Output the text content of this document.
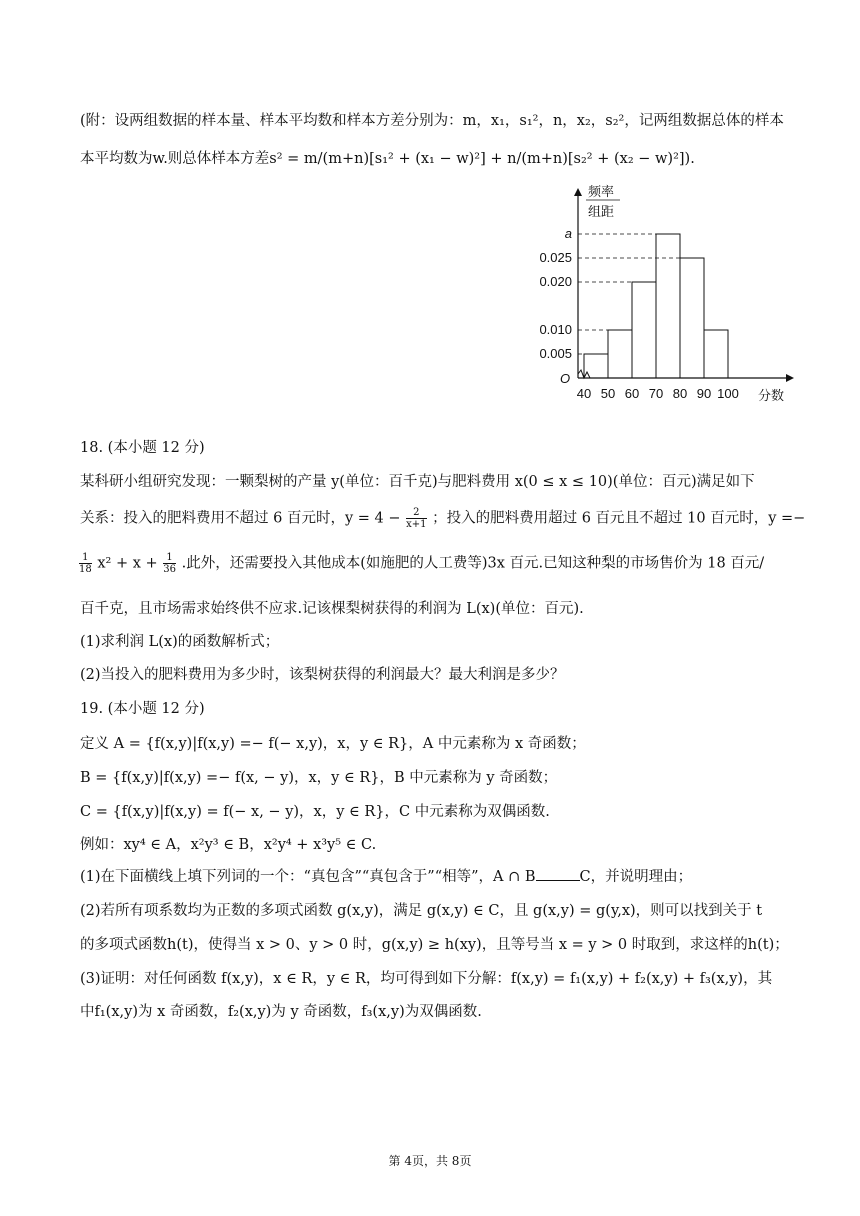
(附：设两组数据的样本量、样本平均数和样本方差分别为：m，x₁，s₁²，n，x₂，s₂²，记两组数据总体的样本
本平均数为w.则总体样本方差s² = m/(m+n)[s₁² + (x₁ − w)²] + n/(m+n)[s₂² + (x₂ − w)²]).
O
频率
组距
0.005
0.010
0.020
0.025
a
40 50 60 70 80 90 100 分数
18. (本小题 12 分)
某科研小组研究发现：一颗梨树的产量 y(单位：百千克)与肥料费用 x(0 ≤ x ≤ 10)(单位：百元)满足如下
关系：投入的肥料费用不超过 6 百元时，$y = 4 - \frac{2}{x+1}$ ；投入的肥料费用超过 6 百元且不超过 10 百元时，y =−
$\frac{1}{18} x^2 + x + \frac{1}{36}$ .此外，还需要投入其他成本(如施肥的人工费等)3x 百元.已知这种梨的市场售价为 18 百元/
百千克，且市场需求始终供不应求.记该棵梨树获得的利润为 L(x)(单位：百元).
(1)求利润 L(x)的函数解析式；
(2)当投入的肥料费用为多少时，该梨树获得的利润最大？最大利润是多少？
19. (本小题 12 分)
定义 A = {f(x,y)|f(x,y) =− f(− x,y)，x，y ∈ R}，A 中元素称为 x 奇函数；
B = {f(x,y)|f(x,y) =− f(x, − y)，x，y ∈ R}，B 中元素称为 y 奇函数；
C = {f(x,y)|f(x,y) = f(− x, − y)，x，y ∈ R}，C 中元素称为双偶函数.
例如：xy⁴ ∈ A，x²y³ ∈ B，x²y⁴ + x³y⁵ ∈ C.
(1)在下面横线上填下列词的一个：“真包含”“真包含于”“相等”，A ∩ B	C，并说明理由；
(2)若所有项系数均为正数的多项式函数 g(x,y)，满足 g(x,y) ∈ C，且 g(x,y) = g(y,x)，则可以找到关于 t
的多项式函数h(t)，使得当 x > 0、y > 0 时，g(x,y) ≥ h(xy)，且等号当 x = y > 0 时取到，求这样的h(t)；
(3)证明：对任何函数 f(x,y)，x ∈ R，y ∈ R，均可得到如下分解：f(x,y) = f₁(x,y) + f₂(x,y) + f₃(x,y)，其
中f₁(x,y)为 x 奇函数，f₂(x,y)为 y 奇函数，f₃(x,y)为双偶函数.
第 4页，共 8页
